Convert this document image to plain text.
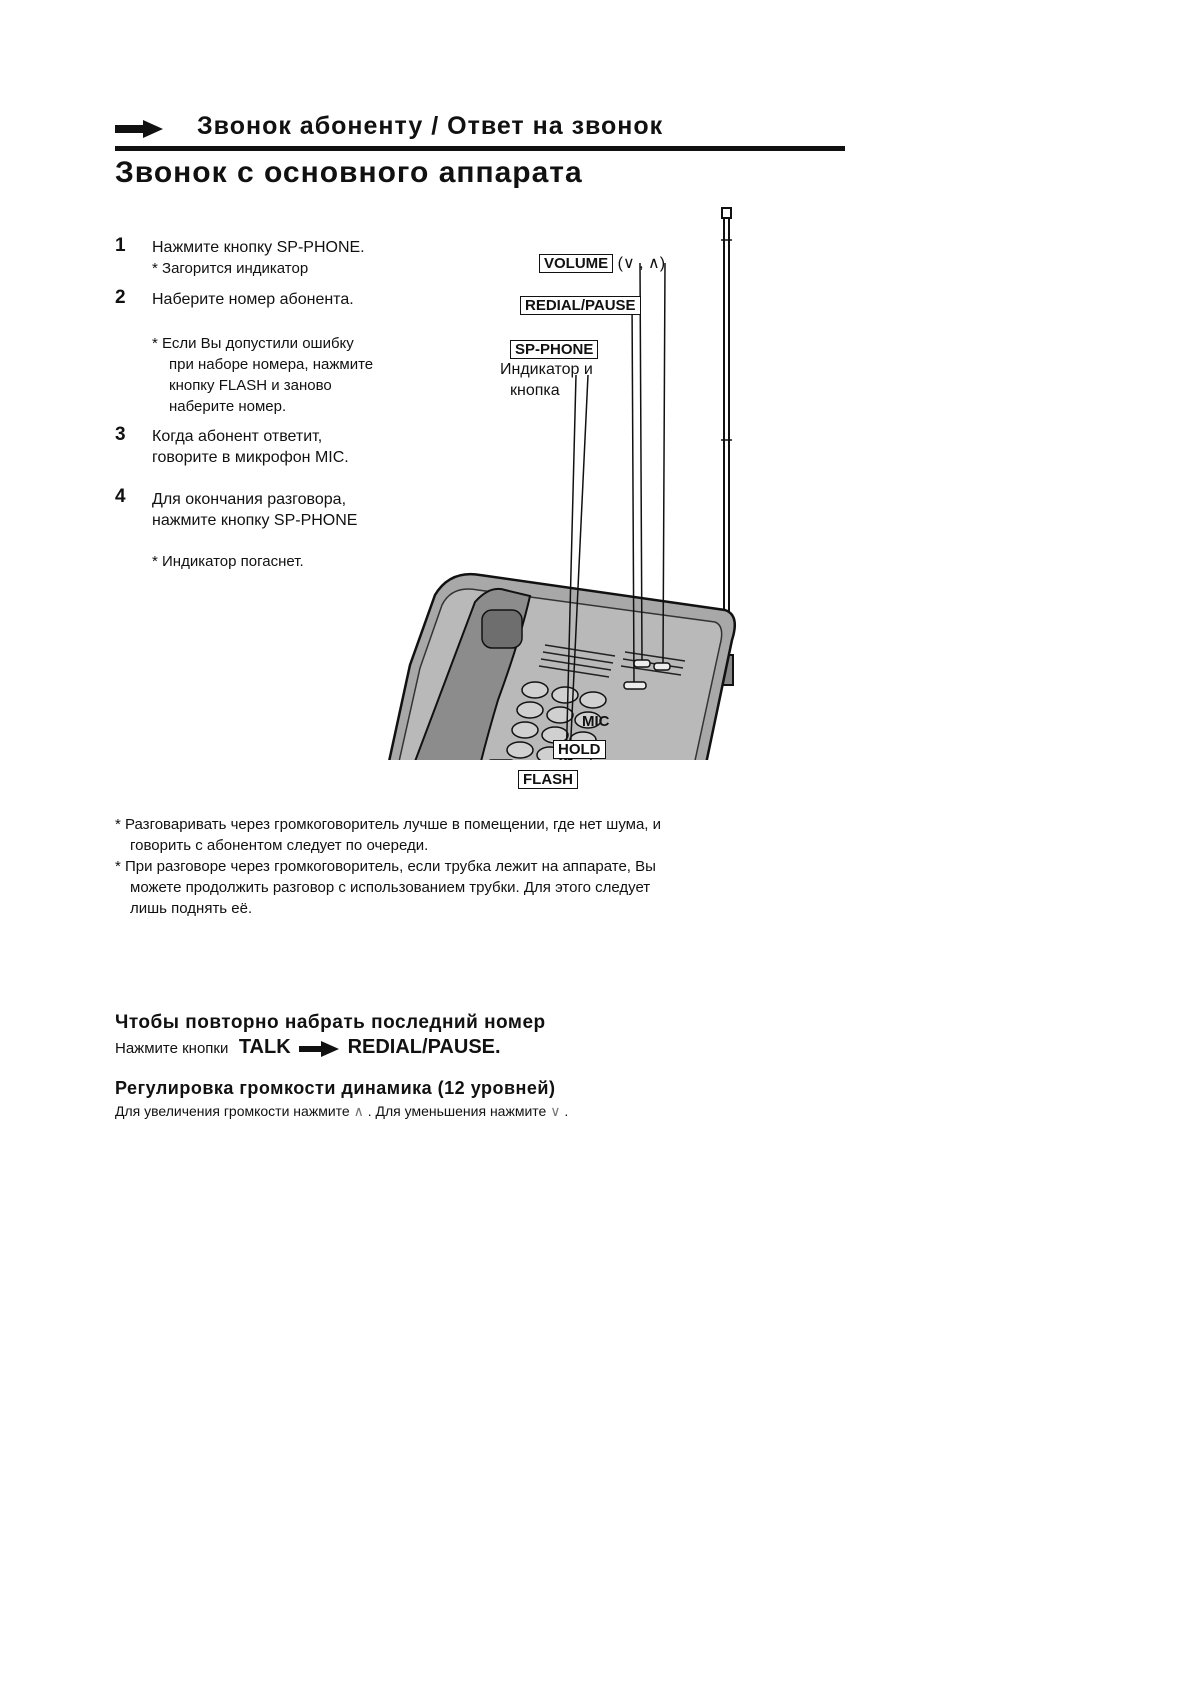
Звонок абоненту / Ответ на звонок
Звонок с основного аппарата
1 Нажмите кнопку SP-PHONE.
* Загорится индикатор
2 Наберите номер абонента.
* Если Вы допустили ошибку
при наборе номера, нажмите
кнопку FLASH и заново
наберите номер.
3 Когда абонент ответит,
говорите в микрофон MIC.
4 Для окончания разговора,
нажмите кнопку SP-PHONE
* Индикатор погаснет.
VOLUME (∨ , ∧)
REDIAL/PAUSE
SP-PHONE
Индикатор и
кнопка
MIC
HOLD
FLASH
* Разговаривать через громкоговоритель лучше в помещении, где нет шума, и
говорить с абонентом следует по очереди.
* При разговоре через громкоговоритель, если трубка лежит на аппарате, Вы
можете продолжить разговор с использованием трубки. Для этого следует
лишь поднять её.
Чтобы повторно набрать последний номер
Нажмите кнопки TALK	REDIAL/PAUSE.
Регулировка громкости динамика (12 уровней)
Для увеличения громкости нажмите ∧ . Для уменьшения нажмите ∨ .
